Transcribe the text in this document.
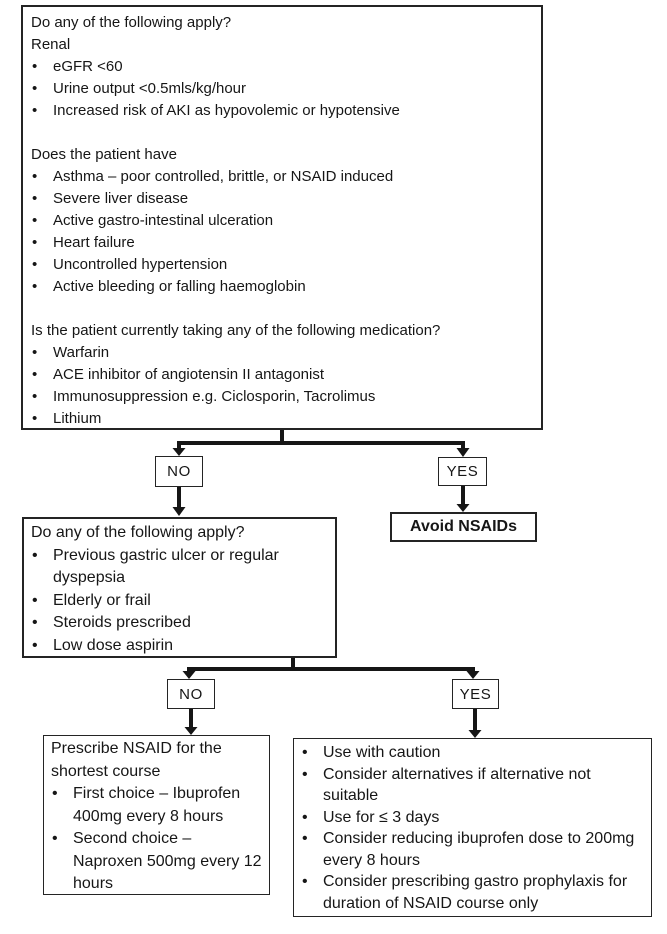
Do any of the following apply?
Renal
• eGFR <60
• Urine output <0.5mls/kg/hour
• Increased risk of AKI as hypovolemic or hypotensive
Does the patient have
• Asthma – poor controlled, brittle, or NSAID induced
• Severe liver disease
• Active gastro-intestinal ulceration
• Heart failure
• Uncontrolled hypertension
• Active bleeding or falling haemoglobin
Is the patient currently taking any of the following medication?
• Warfarin
• ACE inhibitor of angiotensin II antagonist
• Immunosuppression e.g. Ciclosporin, Tacrolimus
• Lithium
NO	YES
Avoid NSAIDs
Do any of the following apply?
• Previous gastric ulcer or regular dyspepsia
• Elderly or frail
• Steroids prescribed
• Low dose aspirin
NO	YES
Prescribe NSAID for the shortest course
• First choice – Ibuprofen 400mg every 8 hours
• Second choice – Naproxen 500mg every 12 hours
• Use with caution
• Consider alternatives if alternative not suitable
• Use for ≤ 3 days
• Consider reducing ibuprofen dose to 200mg every 8 hours
• Consider prescribing gastro prophylaxis for duration of NSAID course only
